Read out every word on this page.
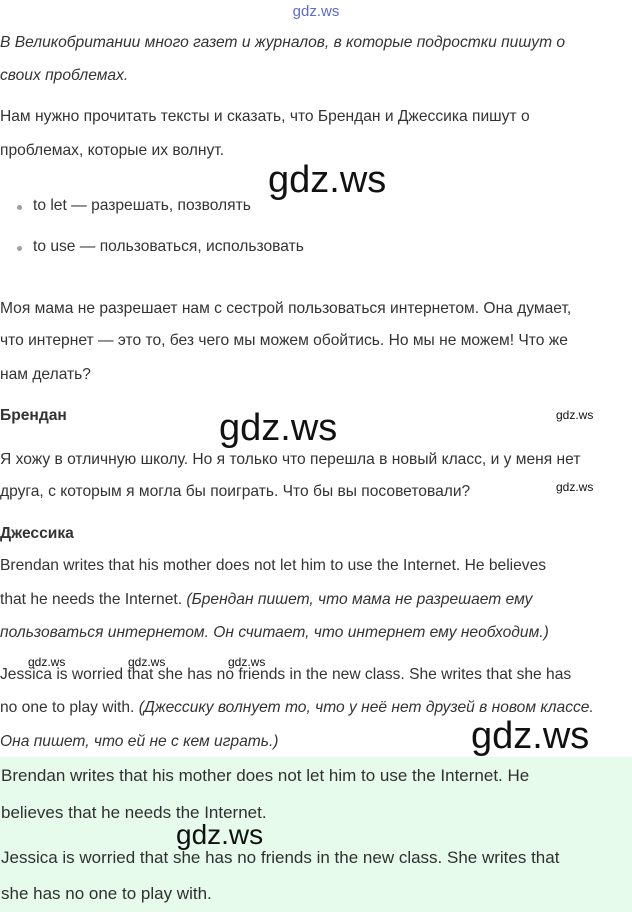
gdz.ws
В Великобритании много газет и журналов, в которые подростки пишут о
своих проблемах.
Нам нужно прочитать тексты и сказать, что Брендан и Джессика пишут о
проблемах, которые их волнут.
to let — разрешать, позволять
to use — пользоваться, использовать
Моя мама не разрешает нам с сестрой пользоваться интернетом. Она думает,
что интернет — это то, без чего мы можем обойтись. Но мы не можем! Что же
нам делать?
Брендан
Я хожу в отличную школу. Но я только что перешла в новый класс, и у меня нет
друга, с которым я могла бы поиграть. Что бы вы посоветовали?
Джессика
Brendan writes that his mother does not let him to use the Internet. He believes
that he needs the Internet. (Брендан пишет, что мама не разрешает ему
пользоваться интернетом. Он считает, что интернет ему необходим.)
Jessica is worried that she has no friends in the new class. She writes that she has
no one to play with. (Джессику волнует то, что у неё нет друзей в новом классе.
Она пишет, что ей не с кем играть.)
Brendan writes that his mother does not let him to use the Internet. He
believes that he needs the Internet.
Jessica is worried that she has no friends in the new class. She writes that
she has no one to play with.
gdz.ws
gdz.ws
gdz.ws
gdz.ws
gdz.ws
gdz.ws
gdz.ws	gdz.ws	gdz.ws
